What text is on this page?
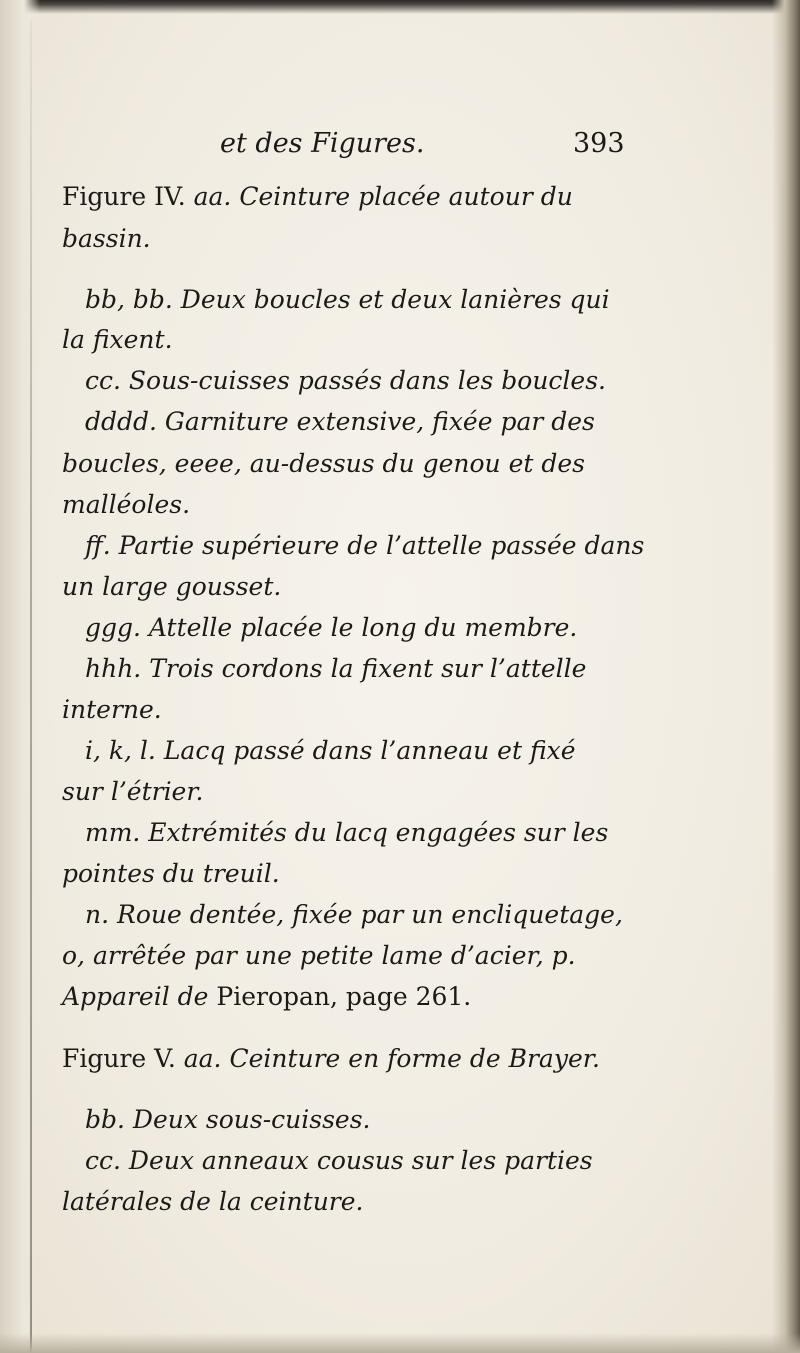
et des Figures.	393
Figure IV. aa. Ceinture placée autour du
bassin.
bb, bb. Deux boucles et deux lanières qui
la fixent.
cc. Sous-cuisses passés dans les boucles.
dddd. Garniture extensive, fixée par des
boucles, eeee, au-dessus du genou et des
malléoles.
ff. Partie supérieure de l’attelle passée dans
un large gousset.
ggg. Attelle placée le long du membre.
hhh. Trois cordons la fixent sur l’attelle
interne.
i, k, l. Lacq passé dans l’anneau et fixé
sur l’étrier.
mm. Extrémités du lacq engagées sur les
pointes du treuil.
n. Roue dentée, fixée par un encliquetage,
o, arrêtée par une petite lame d’acier, p.
Appareil de Pieropan, page 261.
Figure V. aa. Ceinture en forme de Brayer.
bb. Deux sous-cuisses.
cc. Deux anneaux cousus sur les parties
latérales de la ceinture.
